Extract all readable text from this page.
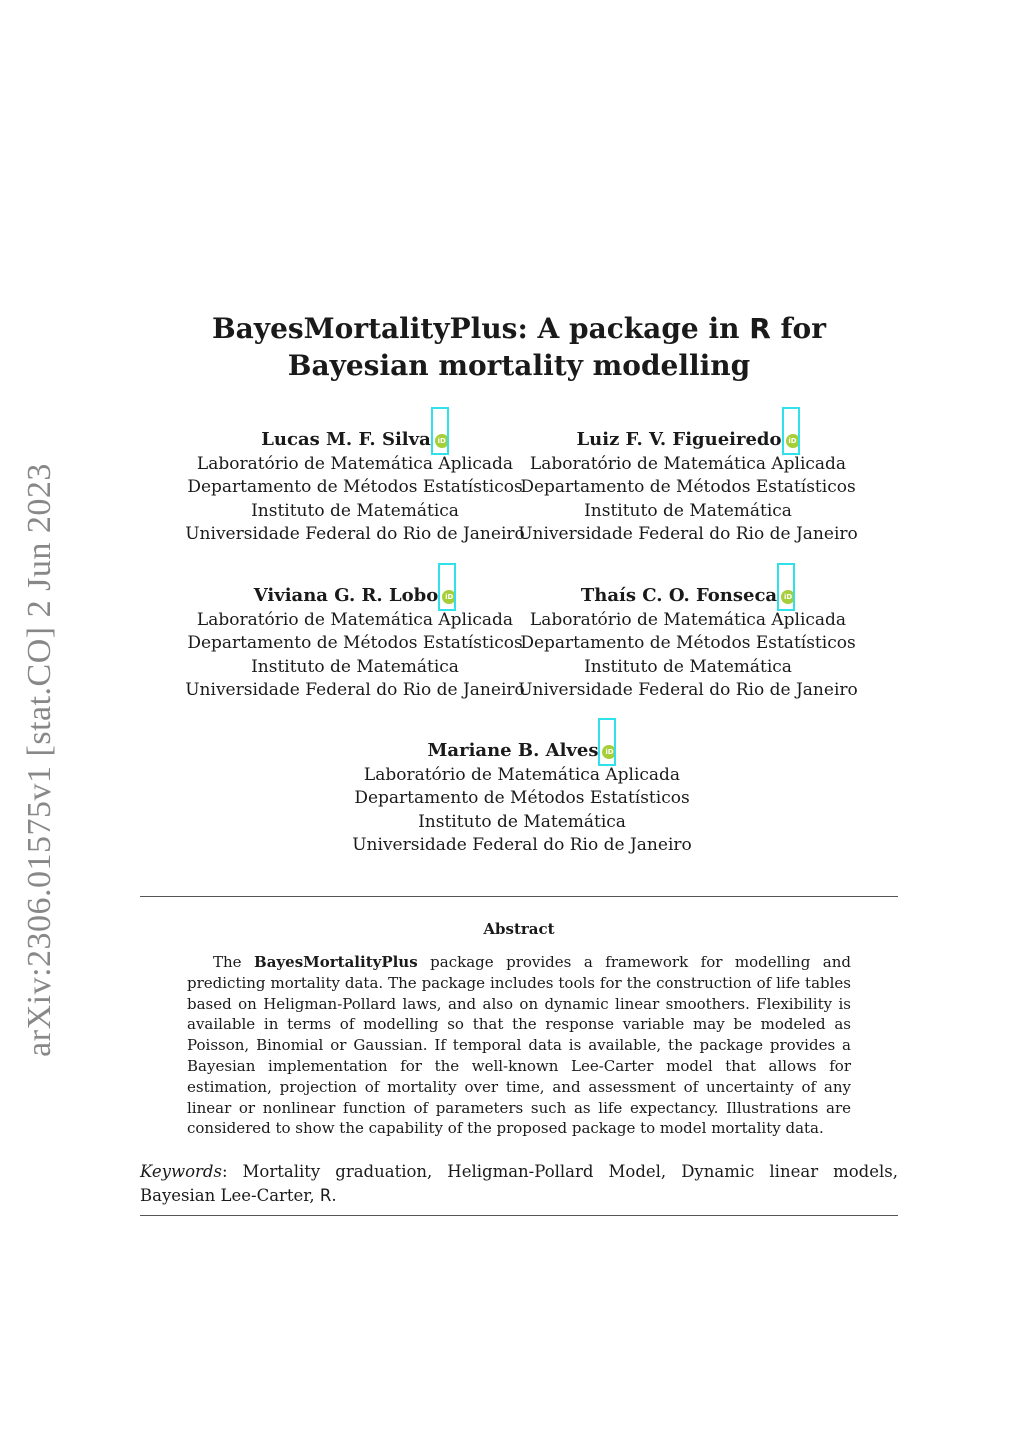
arXiv:2306.01575v1 [stat.CO] 2 Jun 2023
BayesMortalityPlus: A package in R for Bayesian mortality modelling
Lucas M. F. Silva iD
Laboratório de Matemática Aplicada
Departamento de Métodos Estatísticos
Instituto de Matemática
Universidade Federal do Rio de Janeiro
Luiz F. V. Figueiredo iD
Laboratório de Matemática Aplicada
Departamento de Métodos Estatísticos
Instituto de Matemática
Universidade Federal do Rio de Janeiro
Viviana G. R. Lobo iD
Laboratório de Matemática Aplicada
Departamento de Métodos Estatísticos
Instituto de Matemática
Universidade Federal do Rio de Janeiro
Thaís C. O. Fonseca iD
Laboratório de Matemática Aplicada
Departamento de Métodos Estatísticos
Instituto de Matemática
Universidade Federal do Rio de Janeiro
Mariane B. Alves iD
Laboratório de Matemática Aplicada
Departamento de Métodos Estatísticos
Instituto de Matemática
Universidade Federal do Rio de Janeiro
Abstract
The BayesMortalityPlus package provides a framework for modelling and predicting mortality data. The package includes tools for the construction of life tables based on Heligman-Pollard laws, and also on dynamic linear smoothers. Flexibility is available in terms of modelling so that the response variable may be modeled as Poisson, Binomial or Gaussian. If temporal data is available, the package provides a Bayesian implementation for the well-known Lee-Carter model that allows for estimation, projection of mortality over time, and assessment of uncertainty of any linear or nonlinear function of parameters such as life expectancy. Illustrations are considered to show the capability of the proposed package to model mortality data.
Keywords: Mortality graduation, Heligman-Pollard Model, Dynamic linear models, Bayesian Lee-Carter, R.
